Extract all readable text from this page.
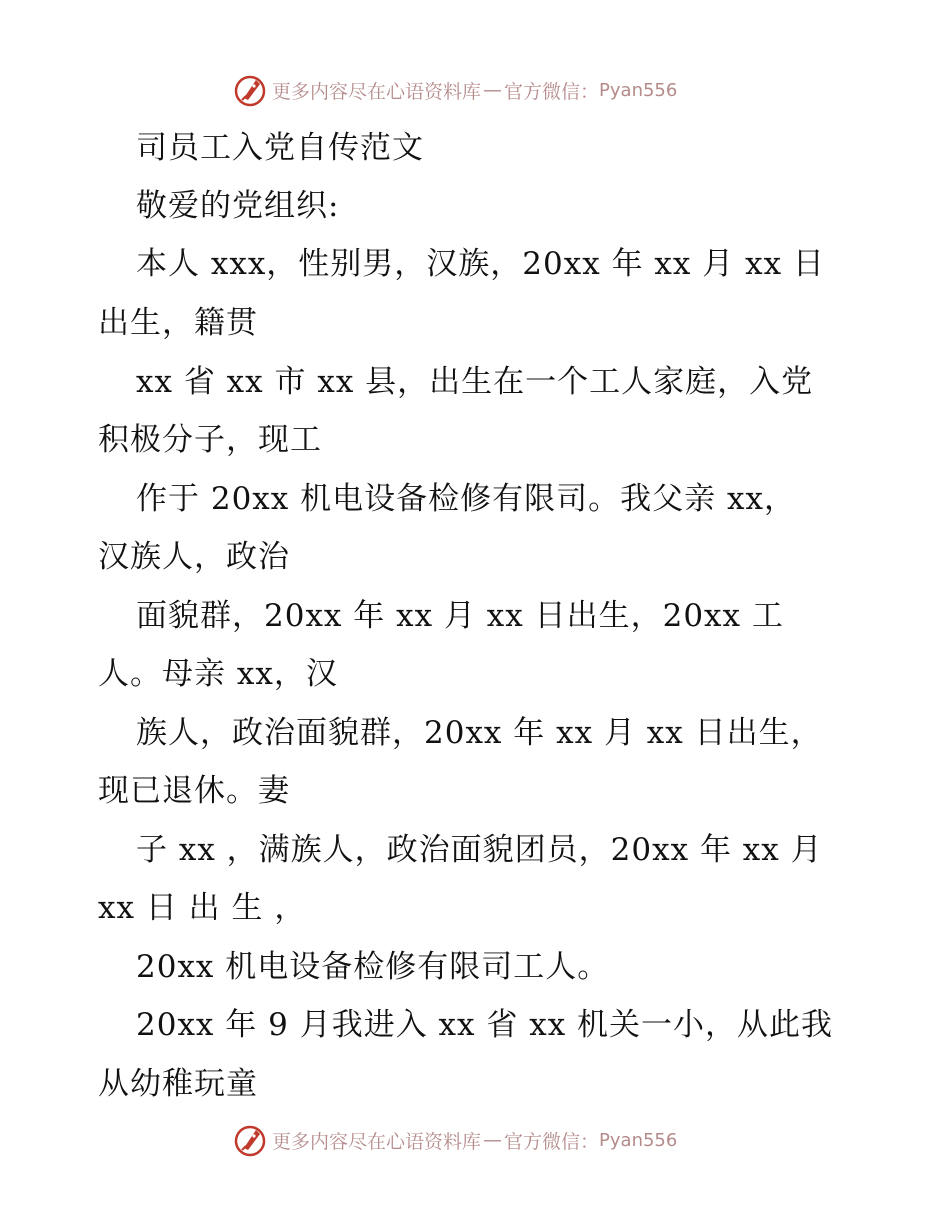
更多内容尽在心语资料库 — 官方微信： Pyan556
司员工入党自传范文
敬爱的党组织:
本人 xxx，性别男，汉族，20xx 年 xx 月 xx 日
出生，籍贯
xx 省 xx 市 xx 县，出生在一个工人家庭，入党
积极分子，现工
作于 20xx 机电设备检修有限司。我父亲 xx，
汉族人，政治
面貌群，20xx 年 xx 月 xx 日出生，20xx 工
人。母亲 xx，汉
族人，政治面貌群，20xx 年 xx 月 xx 日出生，
现已退休。妻
子 xx ，满族人，政治面貌团员，20xx 年 xx 月
xx 日 出 生 ，
20xx 机电设备检修有限司工人。
20xx 年 9 月我进入 xx 省 xx 机关一小，从此我
从幼稚玩童
更多内容尽在心语资料库 — 官方微信： Pyan556
